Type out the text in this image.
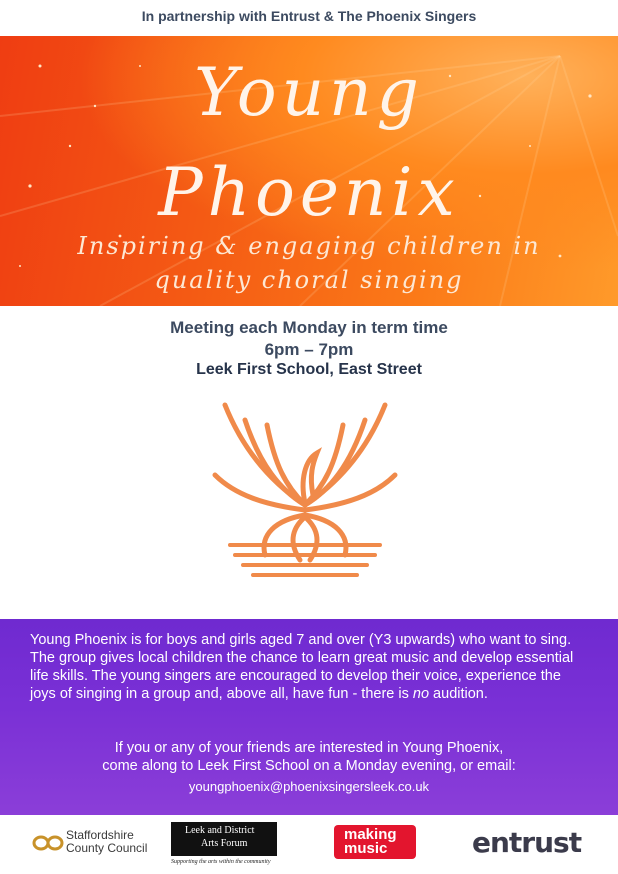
In partnership with Entrust & The Phoenix Singers
Young
Phoenix
Inspiring & engaging children in
quality choral singing
Meeting each Monday in term time
6pm – 7pm
Leek First School, East Street
Young Phoenix is for boys and girls aged 7 and over (Y3 upwards) who want to sing. The group gives local children the chance to learn great music and develop essential life skills. The young singers are encouraged to develop their voice, experience the joys of singing in a group and, above all, have fun - there is no audition.
If you or any of your friends are interested in Young Phoenix,
come along to Leek First School on a Monday evening, or email:
youngphoenix@phoenixsingersleek.co.uk
Staffordshire
County Council
Leek and District
Arts Forum
Supporting the arts within the community
making
music	entrust
